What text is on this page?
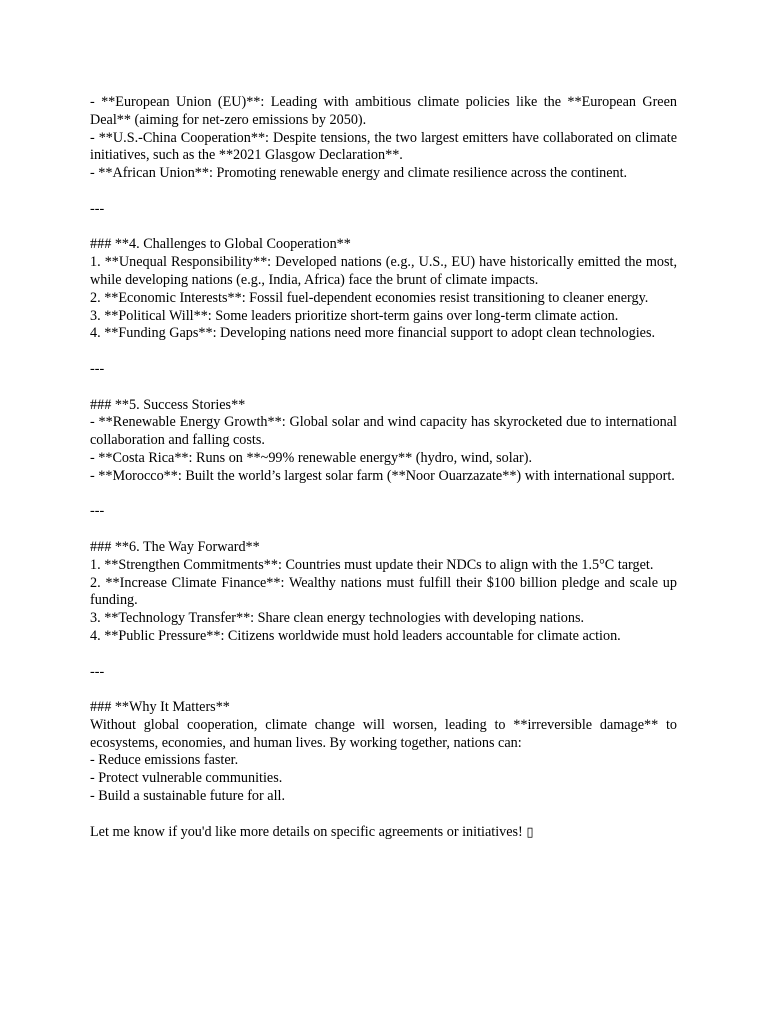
- **European Union (EU)**: Leading with ambitious climate policies like the **European Green Deal** (aiming for net-zero emissions by 2050).

- **U.S.-China Cooperation**: Despite tensions, the two largest emitters have collaborated on climate initiatives, such as the **2021 Glasgow Declaration**.

- **African Union**: Promoting renewable energy and climate resilience across the continent.

---

### **4. Challenges to Global Cooperation**

1. **Unequal Responsibility**: Developed nations (e.g., U.S., EU) have historically emitted the most, while developing nations (e.g., India, Africa) face the brunt of climate impacts.

2. **Economic Interests**: Fossil fuel-dependent economies resist transitioning to cleaner energy.

3. **Political Will**: Some leaders prioritize short-term gains over long-term climate action.

4. **Funding Gaps**: Developing nations need more financial support to adopt clean technologies.

---

### **5. Success Stories**

- **Renewable Energy Growth**: Global solar and wind capacity has skyrocketed due to international collaboration and falling costs.

- **Costa Rica**: Runs on **~99% renewable energy** (hydro, wind, solar).

- **Morocco**: Built the world’s largest solar farm (**Noor Ouarzazate**) with international support.

---

### **6. The Way Forward**

1. **Strengthen Commitments**: Countries must update their NDCs to align with the 1.5°C target.

2. **Increase Climate Finance**: Wealthy nations must fulfill their $100 billion pledge and scale up funding.

3. **Technology Transfer**: Share clean energy technologies with developing nations.

4. **Public Pressure**: Citizens worldwide must hold leaders accountable for climate action.

---

### **Why It Matters**

Without global cooperation, climate change will worsen, leading to **irreversible damage** to ecosystems, economies, and human lives. By working together, nations can:

- Reduce emissions faster.

- Protect vulnerable communities.

- Build a sustainable future for all.

Let me know if you'd like more details on specific agreements or initiatives! ▯
